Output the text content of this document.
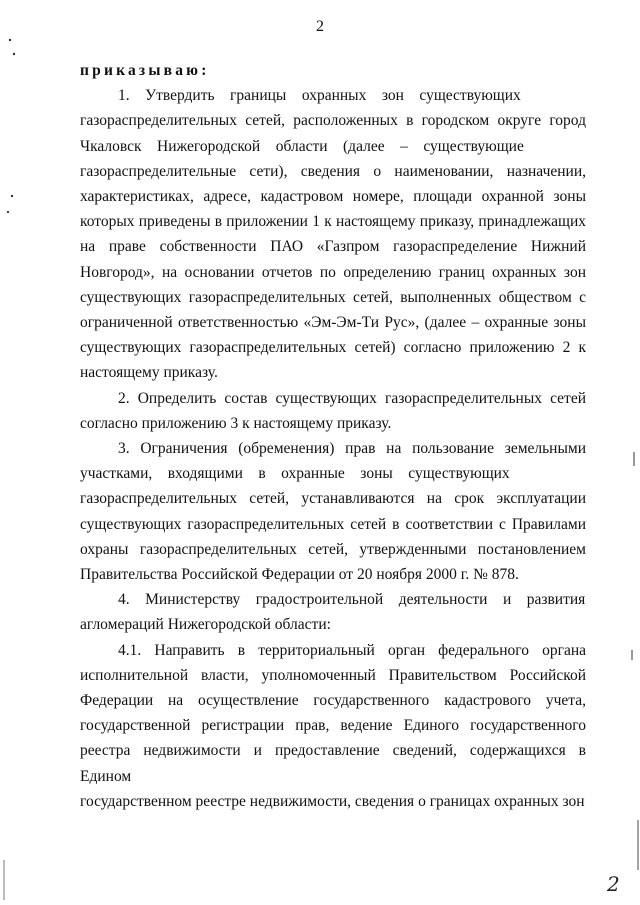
2
приказываю:

1. Утвердить границы охранных зон существующих
газораспределительных сетей, расположенных в городском округе город
Чкаловск Нижегородской области (далее – существующие
газораспределительные сети), сведения о наименовании, назначении,
характеристиках, адресе, кадастровом номере, площади охранной зоны
которых приведены в приложении 1 к настоящему приказу, принадлежащих
на праве собственности ПАО «Газпром газораспределение Нижний
Новгород», на основании отчетов по определению границ охранных зон
существующих газораспределительных сетей, выполненных обществом с
ограниченной ответственностью «Эм-Эм-Ти Рус», (далее – охранные зоны
существующих газораспределительных сетей) согласно приложению 2 к
настоящему приказу.

2. Определить состав существующих газораспределительных сетей
согласно приложению 3 к настоящему приказу.

3. Ограничения (обременения) прав на пользование земельными
участками, входящими в охранные зоны существующих
газораспределительных сетей, устанавливаются на срок эксплуатации
существующих газораспределительных сетей в соответствии с Правилами
охраны газораспределительных сетей, утвержденными постановлением
Правительства Российской Федерации от 20 ноября 2000 г. № 878.

4. Министерству градостроительной деятельности и развития
агломераций Нижегородской области:

4.1. Направить в территориальный орган федерального органа
исполнительной власти, уполномоченный Правительством Российской
Федерации на осуществление государственного кадастрового учета,
государственной регистрации прав, ведение Единого государственного
реестра недвижимости и предоставление сведений, содержащихся в Едином
государственном реестре недвижимости, сведения о границах охранных зон

2
